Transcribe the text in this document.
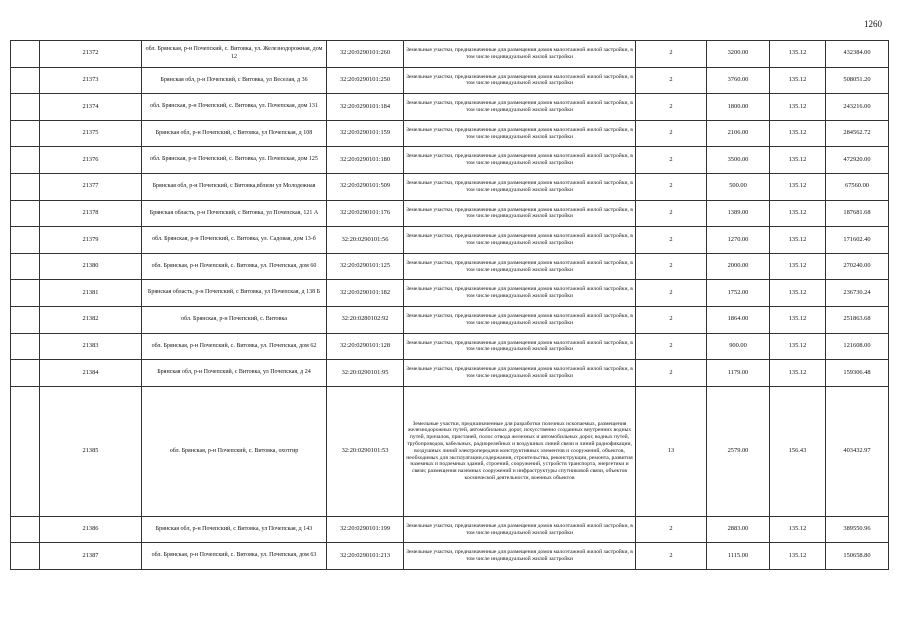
1260
	21372	обл. Брянская, р-н Почепский, с. Витовка, ул. Железнодорожная, дом 12	32:20:0290101:260	Земельные участки, предназначенные для размещения домов малоэтажной жилой застройки, в том числе индивидуальной жилой застройки	2	3200.00	135.12	432384.00
	21373	Брянская обл, р-н Почепский, с Витовка, ул Веселая, д 36	32:20:0290101:250	Земельные участки, предназначенные для размещения домов малоэтажной жилой застройки, в том числе индивидуальной жилой застройки	2	3760.00	135.12	508051.20
	21374	обл. Брянская, р-н Почепский, с. Витовка, ул. Почепская, дом 131	32:20:0290101:184	Земельные участки, предназначенные для размещения домов малоэтажной жилой застройки, в том числе индивидуальной жилой застройки	2	1800.00	135.12	243216.00
	21375	Брянская обл, р-н Почепский, с Витовка, ул Почепская, д 108	32:20:0290101:159	Земельные участки, предназначенные для размещения домов малоэтажной жилой застройки, в том числе индивидуальной жилой застройки	2	2106.00	135.12	284562.72
	21376	обл. Брянская, р-н Почепский, с. Витовка, ул. Почепская, дом 125	32:20:0290101:180	Земельные участки, предназначенные для размещения домов малоэтажной жилой застройки, в том числе индивидуальной жилой застройки	2	3500.00	135.12	472920.00
	21377	Брянская обл, р-н Почепский, с Витовка,вблизи ул Молодежная	32:20:0290101:509	Земельные участки, предназначенные для размещения домов малоэтажной жилой застройки, в том числе индивидуальной жилой застройки	2	500.00	135.12	67560.00
	21378	Брянская область, р-н Почепский, с Витовка, ул Почепская, 121 А	32:20:0290101:176	Земельные участки, предназначенные для размещения домов малоэтажной жилой застройки, в том числе индивидуальной жилой застройки	2	1389.00	135.12	187681.68
	21379	обл. Брянская, р-н Почепский, с. Витовка, ул. Садовая, дом 13-б	32:20:0290101:56	Земельные участки, предназначенные для размещения домов малоэтажной жилой застройки, в том числе индивидуальной жилой застройки	2	1270.00	135.12	171602.40
	21380	обл. Брянская, р-н Почепский, с. Витовка, ул. Почепская, дом 60	32:20:0290101:125	Земельные участки, предназначенные для размещения домов малоэтажной жилой застройки, в том числе индивидуальной жилой застройки	2	2000.00	135.12	270240.00
	21381	Брянская область, р-н Почепский, с Витовка, ул Почепская, д 138 Б	32:20:0290101:182	Земельные участки, предназначенные для размещения домов малоэтажной жилой застройки, в том числе индивидуальной жилой застройки	2	1752.00	135.12	236730.24
	21382	обл. Брянская, р-н Почепский, с. Витовка	32:20:0280102:92	Земельные участки, предназначенные для размещения домов малоэтажной жилой застройки, в том числе индивидуальной жилой застройки	2	1864.00	135.12	251863.68
	21383	обл. Брянская, р-н Почепский, с. Витовка, ул. Почепская, дом 62	32:20:0290101:128	Земельные участки, предназначенные для размещения домов малоэтажной жилой застройки, в том числе индивидуальной жилой застройки	2	900.00	135.12	121608.00
	21384	Брянская обл, р-н Почепский, с Витовка, ул Почепская, д 24	32:20:0290101:95	Земельные участки, предназначенные для размещения домов малоэтажной жилой застройки, в том числе индивидуальной жилой застройки	2	1179.00	135.12	159306.48
	21385	обл. Брянская, р-н Почепский, с. Витовка, охотгир	32:20:0290101:53	Земельные участки, предназначенные для разработки полезных ископаемых, размещения железнодорожных путей, автомобильных дорог, искусственно созданных внутренних водных путей, причалов, пристаней, полос отвода железных и автомобильных дорог, водных путей, трубопроводов, кабельных, радиорелейных и воздушных линий связи и линий радиофикации, воздушных линий электропередачи конструктивных элементов и сооружений, объектов, необходимых для эксплуатации,содержания, строительства, реконструкции, ремонта, развития наземных и подземных зданий, строений, сооружений, устройств транспорта, энергетики и связи; размещения наземных сооружений и инфраструктуры спутниковой связи, объектов космической деятельности, военных объектов	13	2579.00	156.43	403432.97
	21386	Брянская обл, р-н Почепский, с Витовка, ул Почепская, д 143	32:20:0290101:199	Земельные участки, предназначенные для размещения домов малоэтажной жилой застройки, в том числе индивидуальной жилой застройки	2	2883.00	135.12	389550.96
	21387	обл. Брянская, р-н Почепский, с. Витовка, ул. Почепская, дом 63	32:20:0290101:213	Земельные участки, предназначенные для размещения домов малоэтажной жилой застройки, в том числе индивидуальной жилой застройки	2	1115.00	135.12	150658.80
